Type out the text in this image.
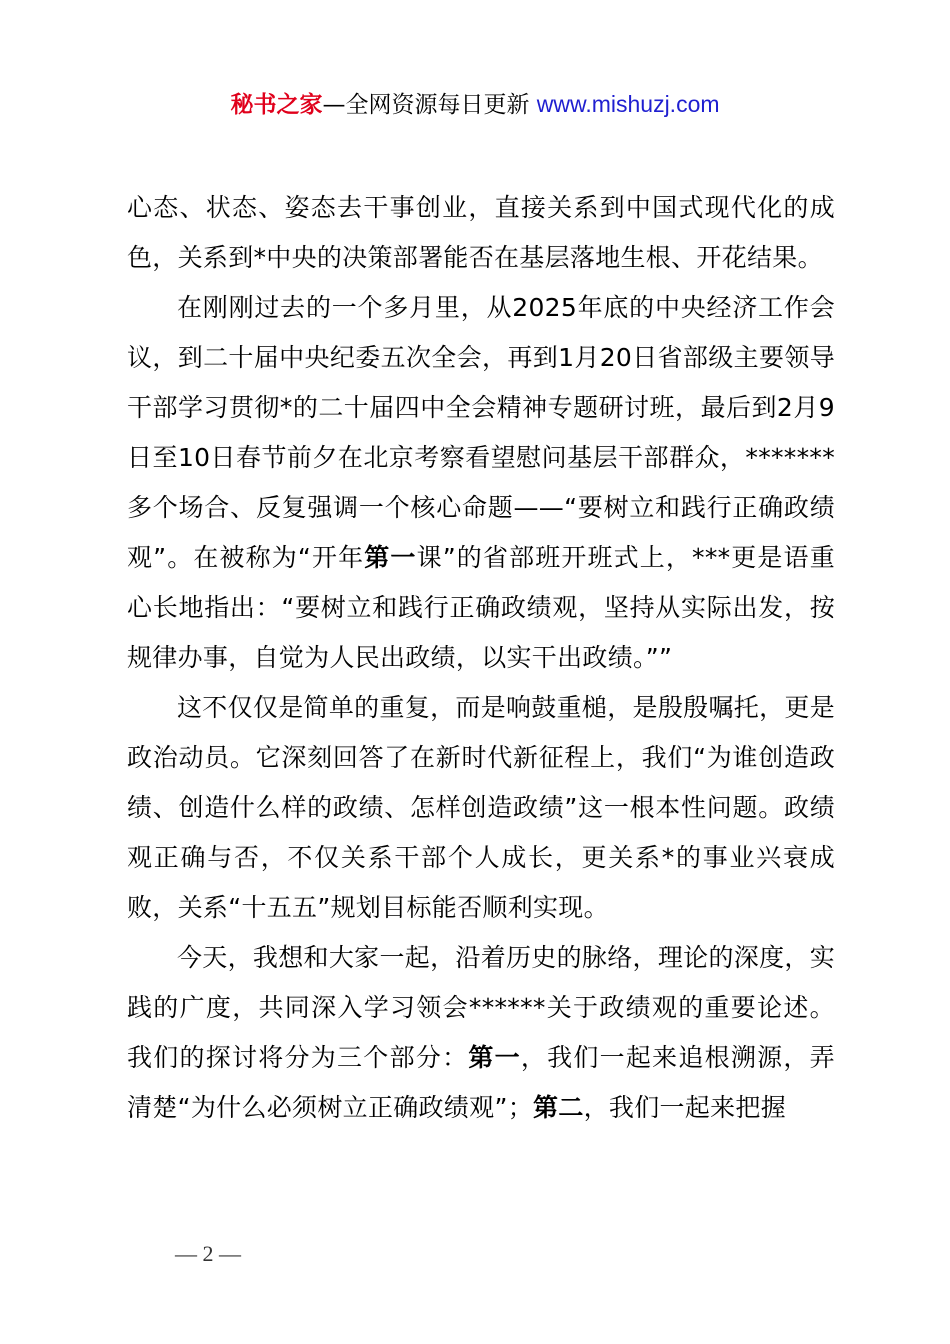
秘书之家—全网资源每日更新 www.mishuzj.com

心态、状态、姿态去干事创业，直接关系到中国式现代化的成色，关系到*中央的决策部署能否在基层落地生根、开花结果。

在刚刚过去的一个多月里，从2025年底的中央经济工作会议，到二十届中央纪委五次全会，再到1月20日省部级主要领导干部学习贯彻*的二十届四中全会精神专题研讨班，最后到2月9日至10日春节前夕在北京考察看望慰问基层干部群众，*******多个场合、反复强调一个核心命题——“要树立和践行正确政绩观”。在被称为“开年第一课”的省部班开班式上，***更是语重心长地指出：“要树立和践行正确政绩观，坚持从实际出发，按规律办事，自觉为人民出政绩，以实干出政绩。””

这不仅仅是简单的重复，而是响鼓重槌，是殷殷嘱托，更是政治动员。它深刻回答了在新时代新征程上，我们“为谁创造政绩、创造什么样的政绩、怎样创造政绩”这一根本性问题。政绩观正确与否，不仅关系干部个人成长，更关系*的事业兴衰成败，关系“十五五”规划目标能否顺利实现。

今天，我想和大家一起，沿着历史的脉络，理论的深度，实践的广度，共同深入学习领会******关于政绩观的重要论述。我们的探讨将分为三个部分：第一，我们一起来追根溯源，弄清楚“为什么必须树立正确政绩观”；第二，我们一起来把握

— 2 —
